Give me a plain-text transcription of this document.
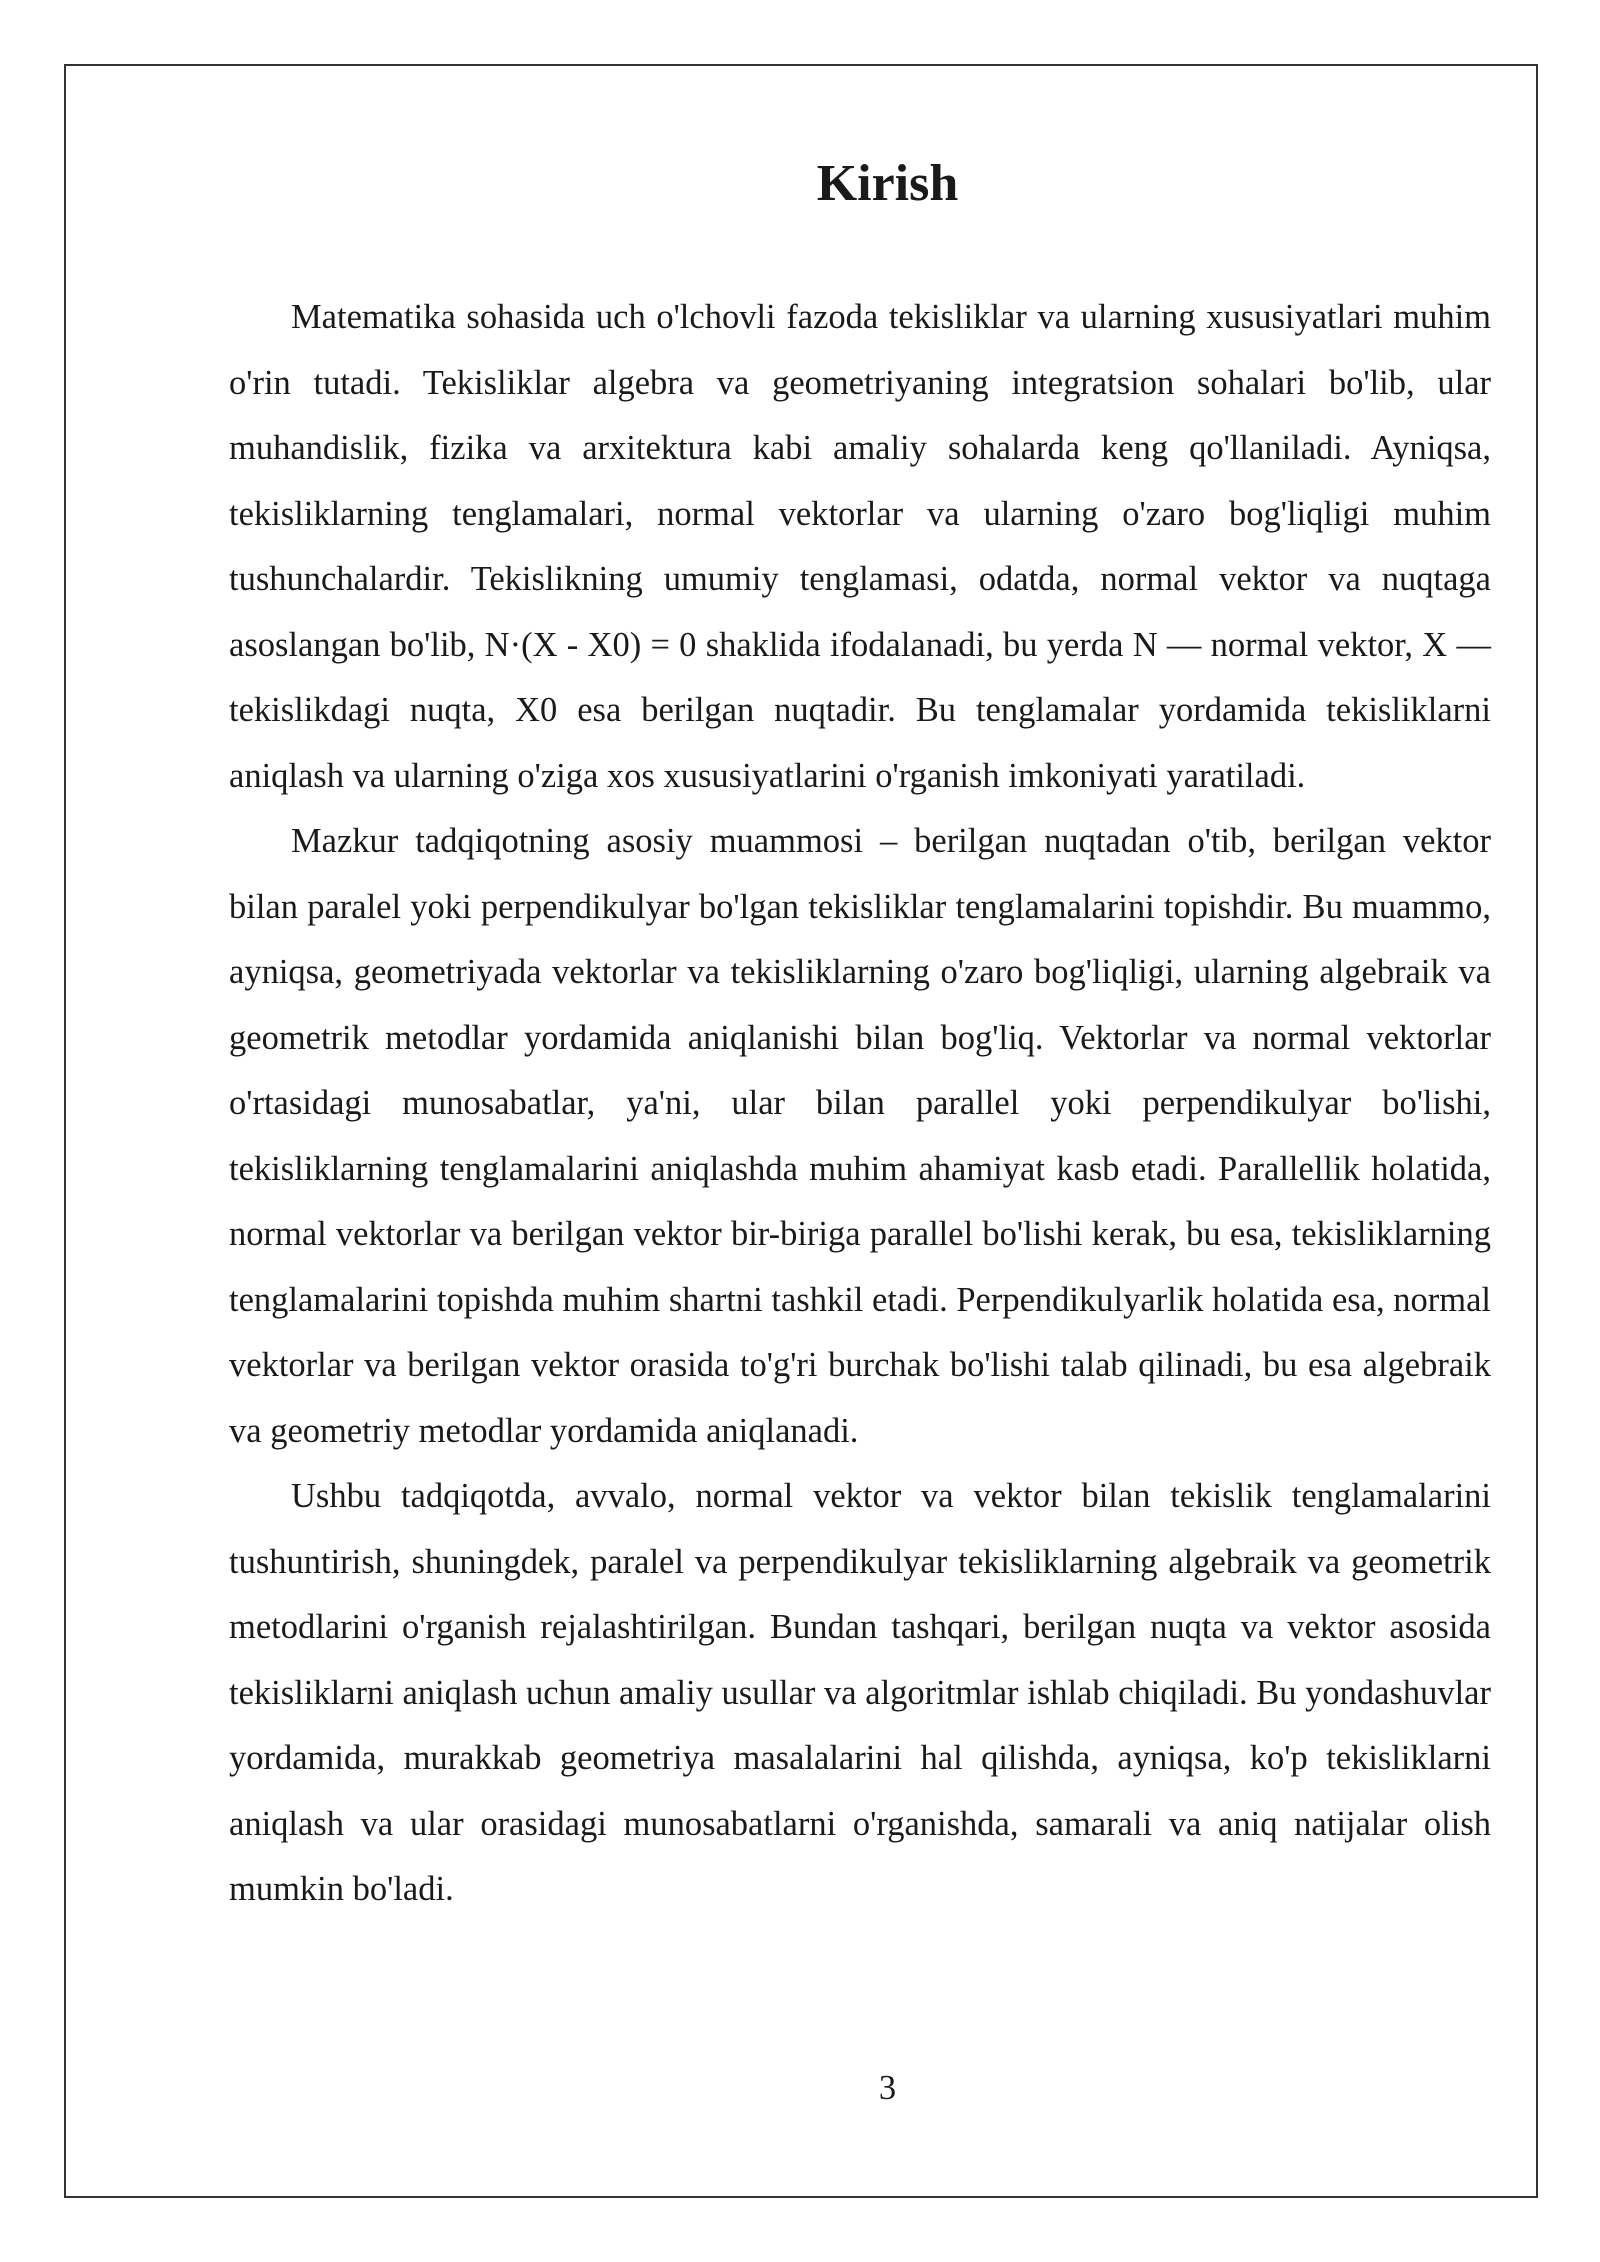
Kirish

Matematika sohasida uch o'lchovli fazoda tekisliklar va ularning xususiyatlari muhim o'rin tutadi. Tekisliklar algebra va geometriyaning integratsion sohalari bo'lib, ular muhandislik, fizika va arxitektura kabi amaliy sohalarda keng qo'llaniladi. Ayniqsa, tekisliklarning tenglamalari, normal vektorlar va ularning o'zaro bog'liqligi muhim tushunchalardir. Tekislikning umumiy tenglamasi, odatda, normal vektor va nuqtaga asoslangan bo'lib, N·(X - X0) = 0 shaklida ifodalanadi, bu yerda N — normal vektor, X — tekislikdagi nuqta, X0 esa berilgan nuqtadir. Bu tenglamalar yordamida tekisliklarni aniqlash va ularning o'ziga xos xususiyatlarini o'rganish imkoniyati yaratiladi.

Mazkur tadqiqotning asosiy muammosi – berilgan nuqtadan o'tib, berilgan vektor bilan paralel yoki perpendikulyar bo'lgan tekisliklar tenglamalarini topishdir. Bu muammo, ayniqsa, geometriyada vektorlar va tekisliklarning o'zaro bog'liqligi, ularning algebraik va geometrik metodlar yordamida aniqlanishi bilan bog'liq. Vektorlar va normal vektorlar o'rtasidagi munosabatlar, ya'ni, ular bilan parallel yoki perpendikulyar bo'lishi, tekisliklarning tenglamalarini aniqlashda muhim ahamiyat kasb etadi. Parallellik holatida, normal vektorlar va berilgan vektor bir-biriga parallel bo'lishi kerak, bu esa, tekisliklarning tenglamalarini topishda muhim shartni tashkil etadi. Perpendikulyarlik holatida esa, normal vektorlar va berilgan vektor orasida to'g'ri burchak bo'lishi talab qilinadi, bu esa algebraik va geometriy metodlar yordamida aniqlanadi.

Ushbu tadqiqotda, avvalo, normal vektor va vektor bilan tekislik tenglamalarini tushuntirish, shuningdek, paralel va perpendikulyar tekisliklarning algebraik va geometrik metodlarini o'rganish rejalashtirilgan. Bundan tashqari, berilgan nuqta va vektor asosida tekisliklarni aniqlash uchun amaliy usullar va algoritmlar ishlab chiqiladi. Bu yondashuvlar yordamida, murakkab geometriya masalalarini hal qilishda, ayniqsa, ko'p tekisliklarni aniqlash va ular orasidagi munosabatlarni o'rganishda, samarali va aniq natijalar olish mumkin bo'ladi.

3
